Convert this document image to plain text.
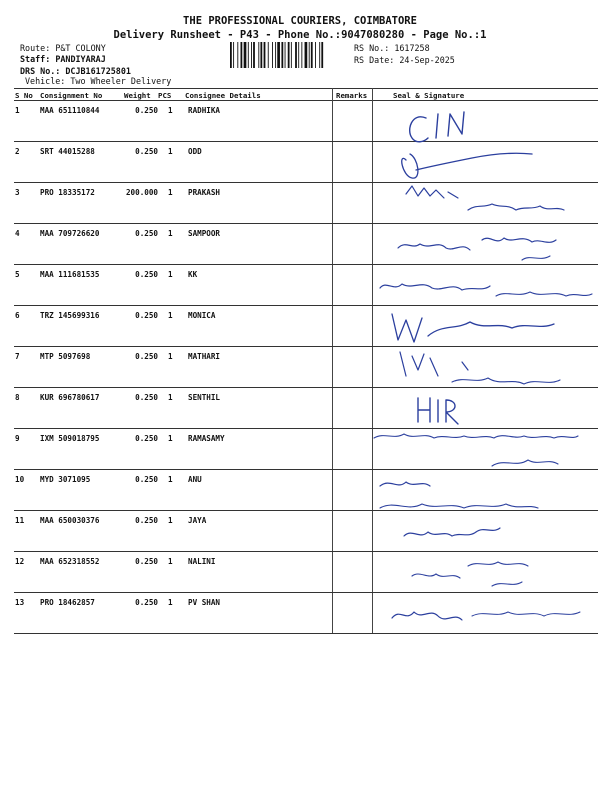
THE PROFESSIONAL COURIERS, COIMBATORE
Delivery Runsheet - P43 - Phone No.:9047080280 - Page No.:1
Route: P&T COLONY
Staff: PANDIYARAJ
DRS No.: DCJB161725801
Vehicle: Two Wheeler Delivery
RS No.: 1617258
RS Date: 24-Sep-2025
S No Consignment No	Weight PCS Consignee Details	Remarks	Seal & Signature
1	MAA 651110844	0.250 1 RADHIKA
2	SRT 44015288	0.250 1 ODD
3	PRO 18335172	200.000 1 PRAKASH
4	MAA 709726620	0.250 1 SAMPOOR
5	MAA 111681535	0.250 1 KK
6	TRZ 145699316	0.250 1 MONICA
7	MTP 5097698	0.250 1 MATHARI
8	KUR 696780617	0.250 1 SENTHIL
9	IXM 509018795	0.250 1 RAMASAMY
10 MYD 3071095	0.250 1 ANU
11 MAA 650030376	0.250 1 JAYA
12 MAA 652318552	0.250 1 NALINI
13 PRO 18462857	0.250 1 PV SHAN
